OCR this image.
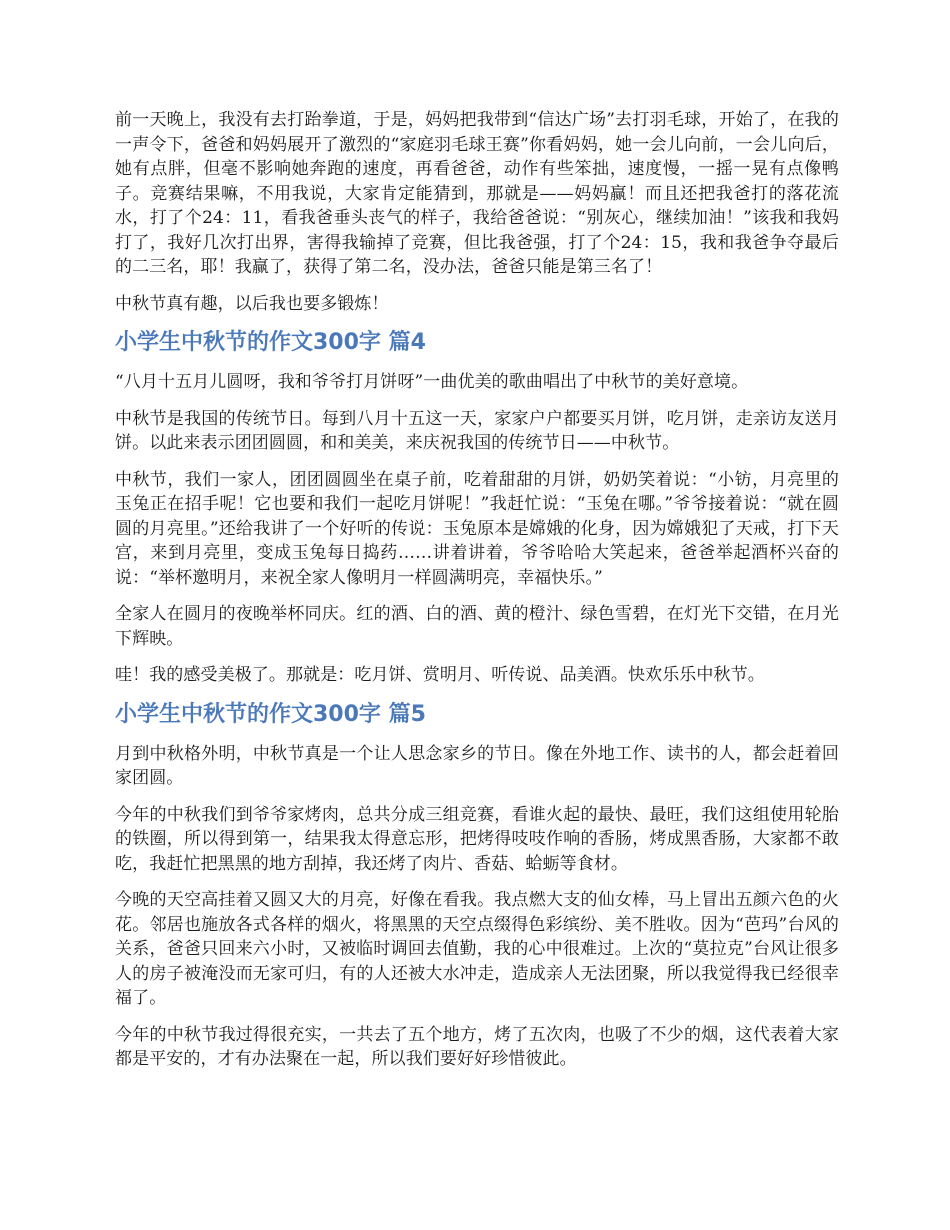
前一天晚上，我没有去打跆拳道，于是，妈妈把我带到“信达广场”去打羽毛球，开始了，在我的一声令下，爸爸和妈妈展开了激烈的“家庭羽毛球王赛”你看妈妈，她一会儿向前，一会儿向后，她有点胖，但毫不影响她奔跑的速度，再看爸爸，动作有些笨拙，速度慢，一摇一晃有点像鸭子。竞赛结果嘛，不用我说，大家肯定能猜到，那就是——妈妈赢！而且还把我爸打的落花流水，打了个24：11，看我爸垂头丧气的样子，我给爸爸说：“别灰心，继续加油！”该我和我妈打了，我好几次打出界，害得我输掉了竞赛，但比我爸强，打了个24：15，我和我爸争夺最后的二三名，耶！我赢了，获得了第二名，没办法，爸爸只能是第三名了！

中秋节真有趣，以后我也要多锻炼！

小学生中秋节的作文300字 篇4

“八月十五月儿圆呀，我和爷爷打月饼呀”一曲优美的歌曲唱出了中秋节的美好意境。

中秋节是我国的传统节日。每到八月十五这一天，家家户户都要买月饼，吃月饼，走亲访友送月饼。以此来表示团团圆圆，和和美美，来庆祝我国的传统节日——中秋节。

中秋节，我们一家人，团团圆圆坐在桌子前，吃着甜甜的月饼，奶奶笑着说：“小钫，月亮里的玉兔正在招手呢！它也要和我们一起吃月饼呢！”我赶忙说：“玉兔在哪。”爷爷接着说：“就在圆圆的月亮里。”还给我讲了一个好听的传说：玉兔原本是嫦娥的化身，因为嫦娥犯了天戒，打下天宫，来到月亮里，变成玉兔每日捣药……讲着讲着，爷爷哈哈大笑起来，爸爸举起酒杯兴奋的说：“举杯邀明月，来祝全家人像明月一样圆满明亮，幸福快乐。”

全家人在圆月的夜晚举杯同庆。红的酒、白的酒、黄的橙汁、绿色雪碧，在灯光下交错，在月光下辉映。

哇！我的感受美极了。那就是：吃月饼、赏明月、听传说、品美酒。快欢乐乐中秋节。

小学生中秋节的作文300字 篇5

月到中秋格外明，中秋节真是一个让人思念家乡的节日。像在外地工作、读书的人，都会赶着回家团圆。

今年的中秋我们到爷爷家烤肉，总共分成三组竞赛，看谁火起的最快、最旺，我们这组使用轮胎的铁圈，所以得到第一，结果我太得意忘形，把烤得吱吱作响的香肠，烤成黑香肠，大家都不敢吃，我赶忙把黑黑的地方刮掉，我还烤了肉片、香菇、蛤蛎等食材。

今晚的天空高挂着又圆又大的月亮，好像在看我。我点燃大支的仙女棒，马上冒出五颜六色的火花。邻居也施放各式各样的烟火，将黑黑的天空点缀得色彩缤纷、美不胜收。因为“芭玛”台风的关系，爸爸只回来六小时，又被临时调回去值勤，我的心中很难过。上次的“莫拉克”台风让很多人的房子被淹没而无家可归，有的人还被大水冲走，造成亲人无法团聚，所以我觉得我已经很幸福了。

今年的中秋节我过得很充实，一共去了五个地方，烤了五次肉，也吸了不少的烟，这代表着大家都是平安的，才有办法聚在一起，所以我们要好好珍惜彼此。
